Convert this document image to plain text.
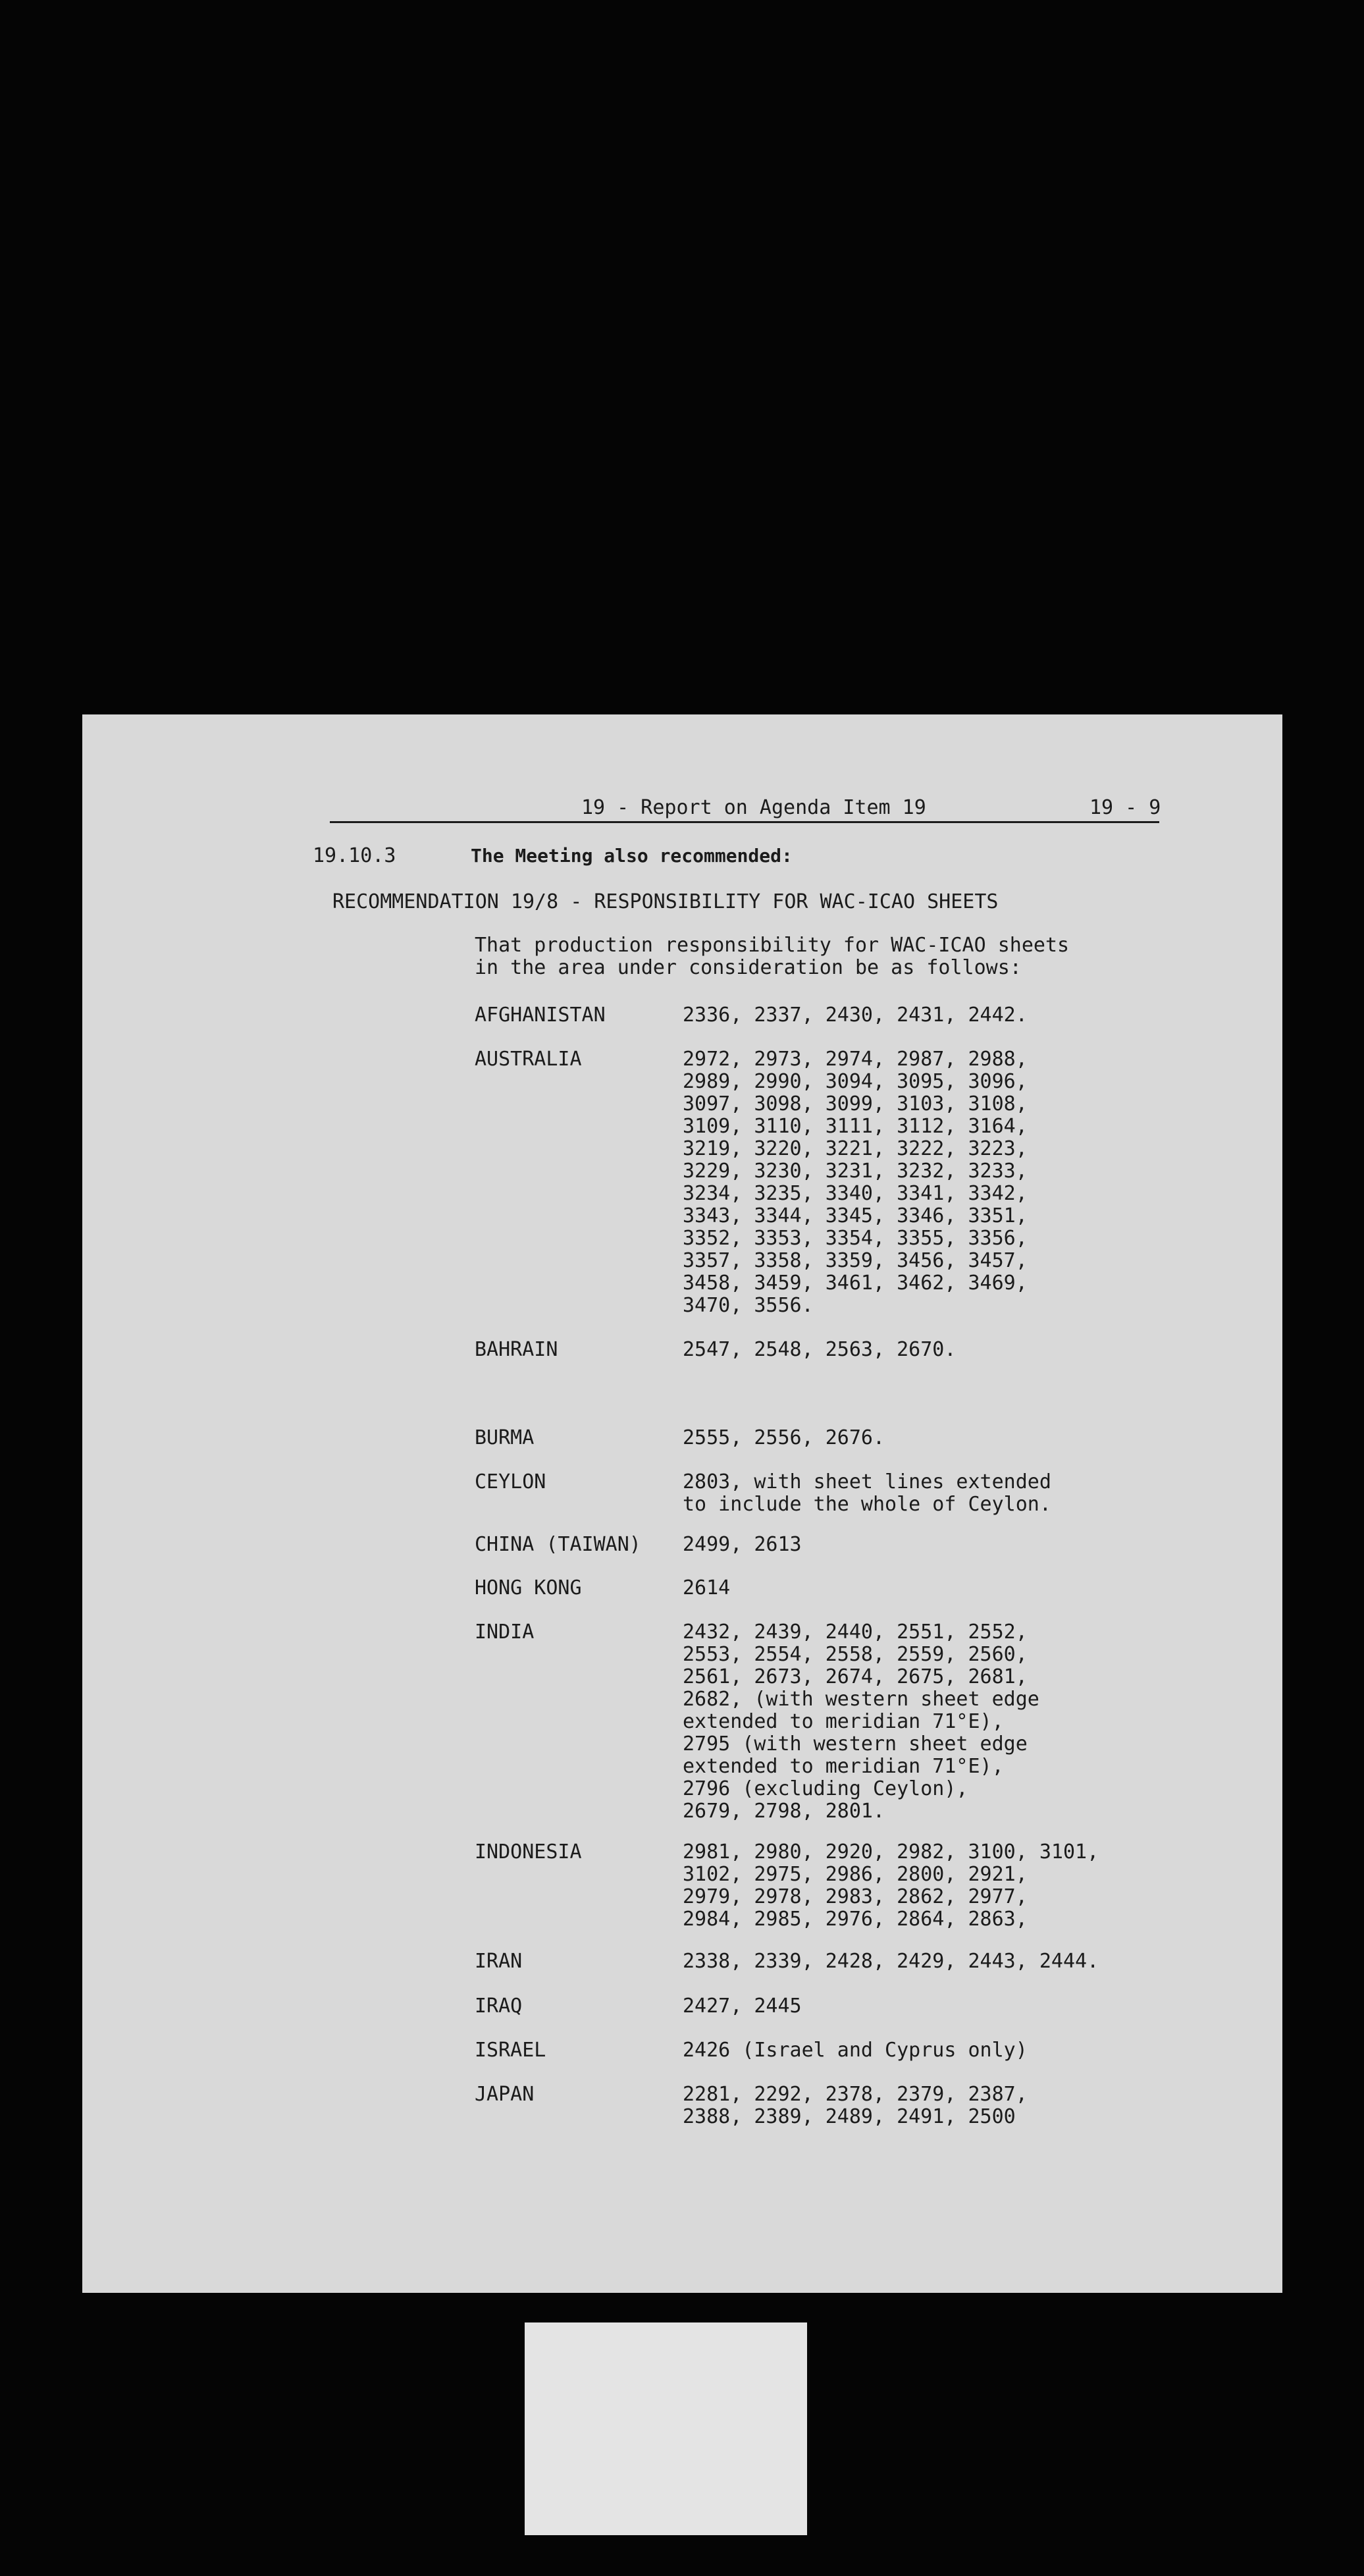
19 - Report on Agenda Item 19	19 - 9
19.10.3	The Meeting also recommended:
RECOMMENDATION 19/8 - RESPONSIBILITY FOR WAC-ICAO SHEETS
That production responsibility for WAC-ICAO sheets
in the area under consideration be as follows:
AFGHANISTAN	2336, 2337, 2430, 2431, 2442.
AUSTRALIA	2972, 2973, 2974, 2987, 2988,
2989, 2990, 3094, 3095, 3096,
3097, 3098, 3099, 3103, 3108,
3109, 3110, 3111, 3112, 3164,
3219, 3220, 3221, 3222, 3223,
3229, 3230, 3231, 3232, 3233,
3234, 3235, 3340, 3341, 3342,
3343, 3344, 3345, 3346, 3351,
3352, 3353, 3354, 3355, 3356,
3357, 3358, 3359, 3456, 3457,
3458, 3459, 3461, 3462, 3469,
3470, 3556.
BAHRAIN	2547, 2548, 2563, 2670.
BURMA	2555, 2556, 2676.
CEYLON	2803, with sheet lines extended
to include the whole of Ceylon.
CHINA (TAIWAN) 2499, 2613
HONG KONG	2614
INDIA	2432, 2439, 2440, 2551, 2552,
2553, 2554, 2558, 2559, 2560,
2561, 2673, 2674, 2675, 2681,
2682, (with western sheet edge
extended to meridian 71°E),
2795 (with western sheet edge
extended to meridian 71°E),
2796 (excluding Ceylon),
2679, 2798, 2801.
INDONESIA	2981, 2980, 2920, 2982, 3100, 3101,
3102, 2975, 2986, 2800, 2921,
2979, 2978, 2983, 2862, 2977,
2984, 2985, 2976, 2864, 2863,
IRAN	2338, 2339, 2428, 2429, 2443, 2444.
IRAQ	2427, 2445
ISRAEL	2426 (Israel and Cyprus only)
JAPAN	2281, 2292, 2378, 2379, 2387,
2388, 2389, 2489, 2491, 2500
